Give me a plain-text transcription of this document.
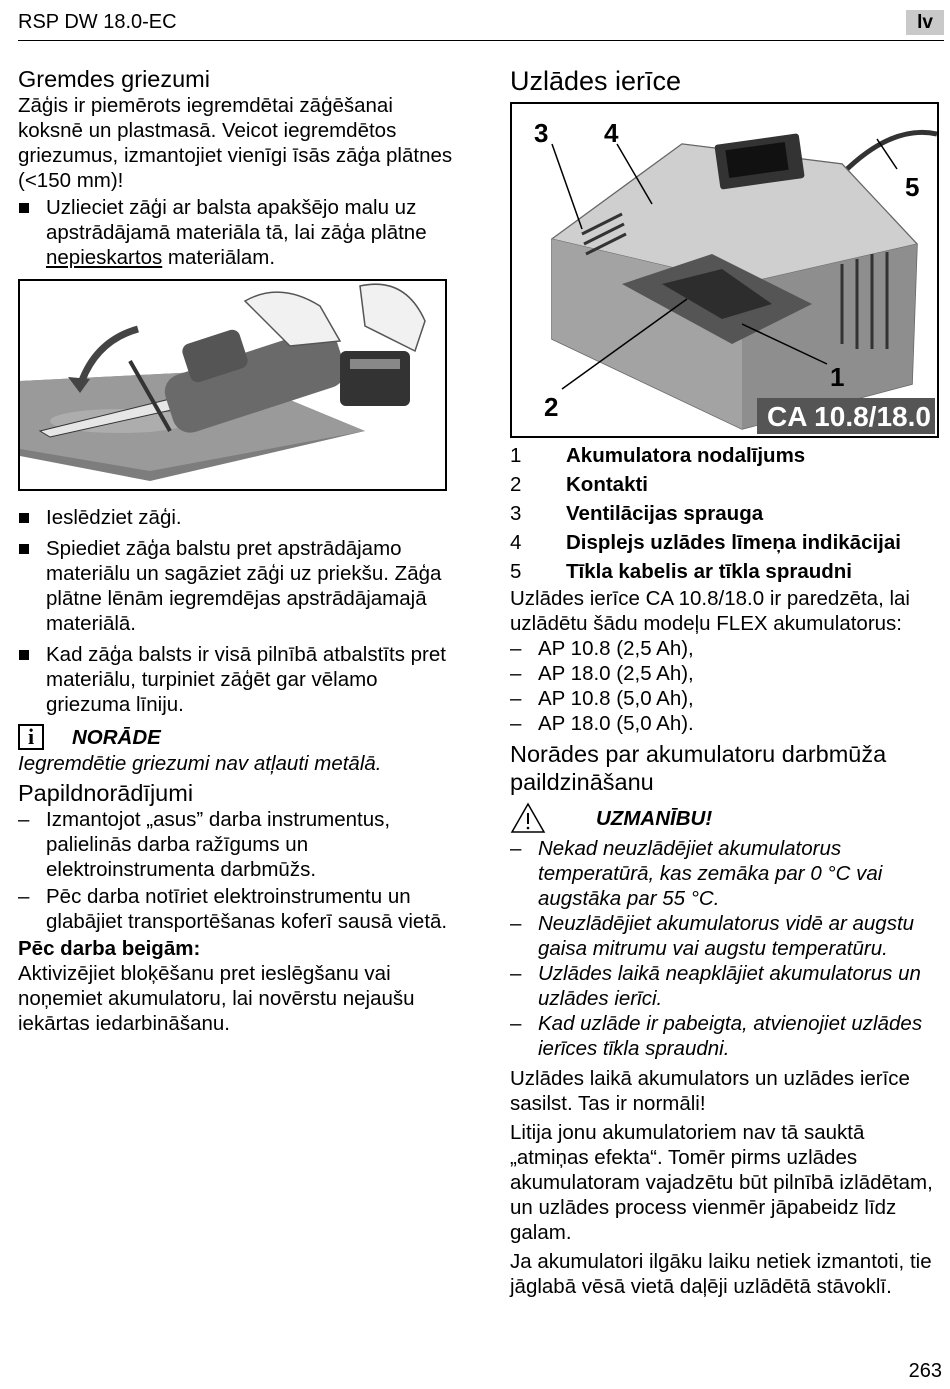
RSP DW 18.0-EC	lv
Gremdes griezumi

Zāģis ir piemērots iegremdētai zāģēšanai koksnē un plastmasā. Veicot iegremdētos griezumus, izmantojiet vienīgi īsās zāģa plātnes (<150 mm)!

Uzlieciet zāģi ar balsta apakšējo malu uz apstrādājamā materiāla tā, lai zāģa plātne nepieskartos materiālam.
Ieslēdziet zāģi.
Spiediet zāģa balstu pret apstrādājamo materiālu un sagāziet zāģi uz priekšu. Zāģa plātne lēnām iegremdējas apstrādājamajā materiālā.
Kad zāģa balsts ir visā pilnībā atbalstīts pret materiālu, turpiniet zāģēt gar vēlamo griezuma līniju.
i	NORĀDE

Iegremdētie griezumi nav atļauti metālā.

Papildnorādījumi
– Izmantojot „asus” darba instrumentus, palielinās darba ražīgums un elektroinstrumenta darbmūžs.
– Pēc darba notīriet elektroinstrumentu un glabājiet transportēšanas koferī sausā vietā.

Pēc darba beigām:

Aktivizējiet bloķēšanu pret ieslēgšanu vai noņemiet akumulatoru, lai novērstu nejaušu iekārtas iedarbināšanu.

Uzlādes ierīce
3 4
5
1
2	CA 10.8/18.0
1	Akumulatora nodalījums
2	Kontakti
3	Ventilācijas sprauga
4	Displejs uzlādes līmeņa indikācijai
5	Tīkla kabelis ar tīkla spraudni

Uzlādes ierīce CA 10.8/18.0 ir paredzēta, lai uzlādētu šādu modeļu FLEX akumulatorus:

– AP 10.8 (2,5 Ah),
– AP 18.0 (2,5 Ah),
– AP 10.8 (5,0 Ah),
– AP 18.0 (5,0 Ah).
Norādes par akumulatoru darbmūža paildzināšanu
UZMANĪBU!
– Nekad neuzlādējiet akumulatorus temperatūrā, kas zemāka par 0 °C vai augstāka par 55 °C.
– Neuzlādējiet akumulatorus vidē ar augstu gaisa mitrumu vai augstu temperatūru.
– Uzlādes laikā neapklājiet akumulatorus un uzlādes ierīci.
– Kad uzlāde ir pabeigta, atvienojiet uzlādes ierīces tīkla spraudni.

Uzlādes laikā akumulators un uzlādes ierīce sasilst. Tas ir normāli!

Litija jonu akumulatoriem nav tā sauktā „atmiņas efekta“. Tomēr pirms uzlādes akumulatoram vajadzētu būt pilnībā izlādētam, un uzlādes process vienmēr jāpabeidz līdz galam.

Ja akumulatori ilgāku laiku netiek izmantoti, tie jāglabā vēsā vietā daļēji uzlādētā stāvoklī.

263
